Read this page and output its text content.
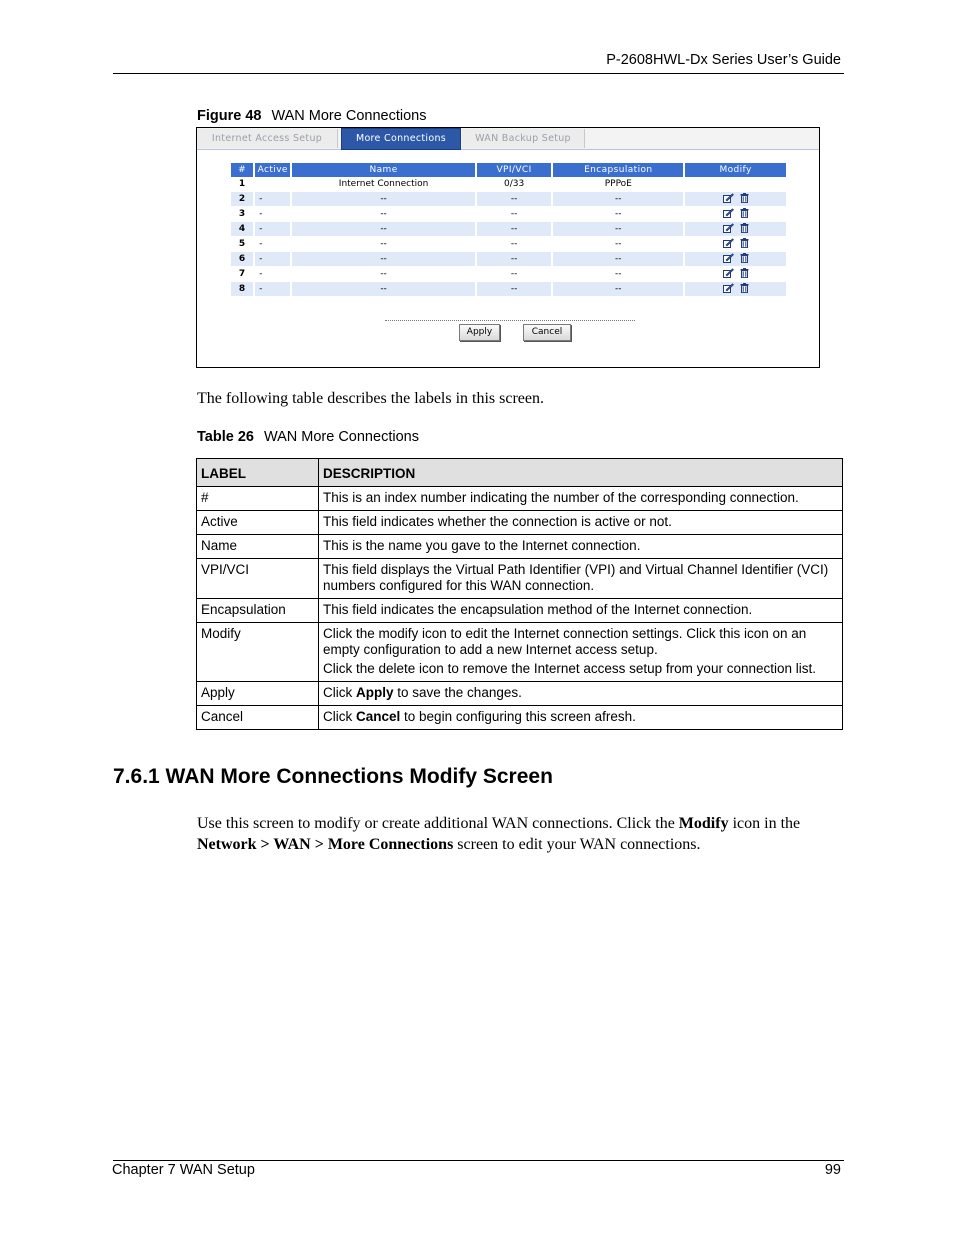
P-2608HWL-Dx Series User’s Guide
Figure 48 WAN More Connections
Internet Access Setup	More Connections	WAN Backup Setup
#	Active	Name	VPI/VCI	Encapsulation	Modify
1		Internet Connection	0/33	PPPoE	
2	-	--	--	--	

3	-	--	--	--	

4	-	--	--	--	

5	-	--	--	--	

6	-	--	--	--	

7	-	--	--	--	

8	-	--	--	--	
Apply	Cancel
The following table describes the labels in this screen.
Table 26 WAN More Connections
LABEL	DESCRIPTION
#	This is an index number indicating the number of the corresponding connection.

Active	This field indicates whether the connection is active or not.

Name	This is the name you gave to the Internet connection.

VPI/VCI	This field displays the Virtual Path Identifier (VPI) and Virtual Channel Identifier (VCI) numbers configured for this WAN connection.

Encapsulation	This field indicates the encapsulation method of the Internet connection.

Modify	Click the modify icon to edit the Internet connection settings. Click this icon on an empty configuration to add a new Internet access setup.

Click the delete icon to remove the Internet access setup from your connection list.

Apply	Click Apply to save the changes.

Cancel	Click Cancel to begin configuring this screen afresh.

7.6.1 WAN More Connections Modify Screen
Use this screen to modify or create additional WAN connections. Click the Modify icon in the Network > WAN > More Connections screen to edit your WAN connections.
Chapter 7 WAN Setup	99
